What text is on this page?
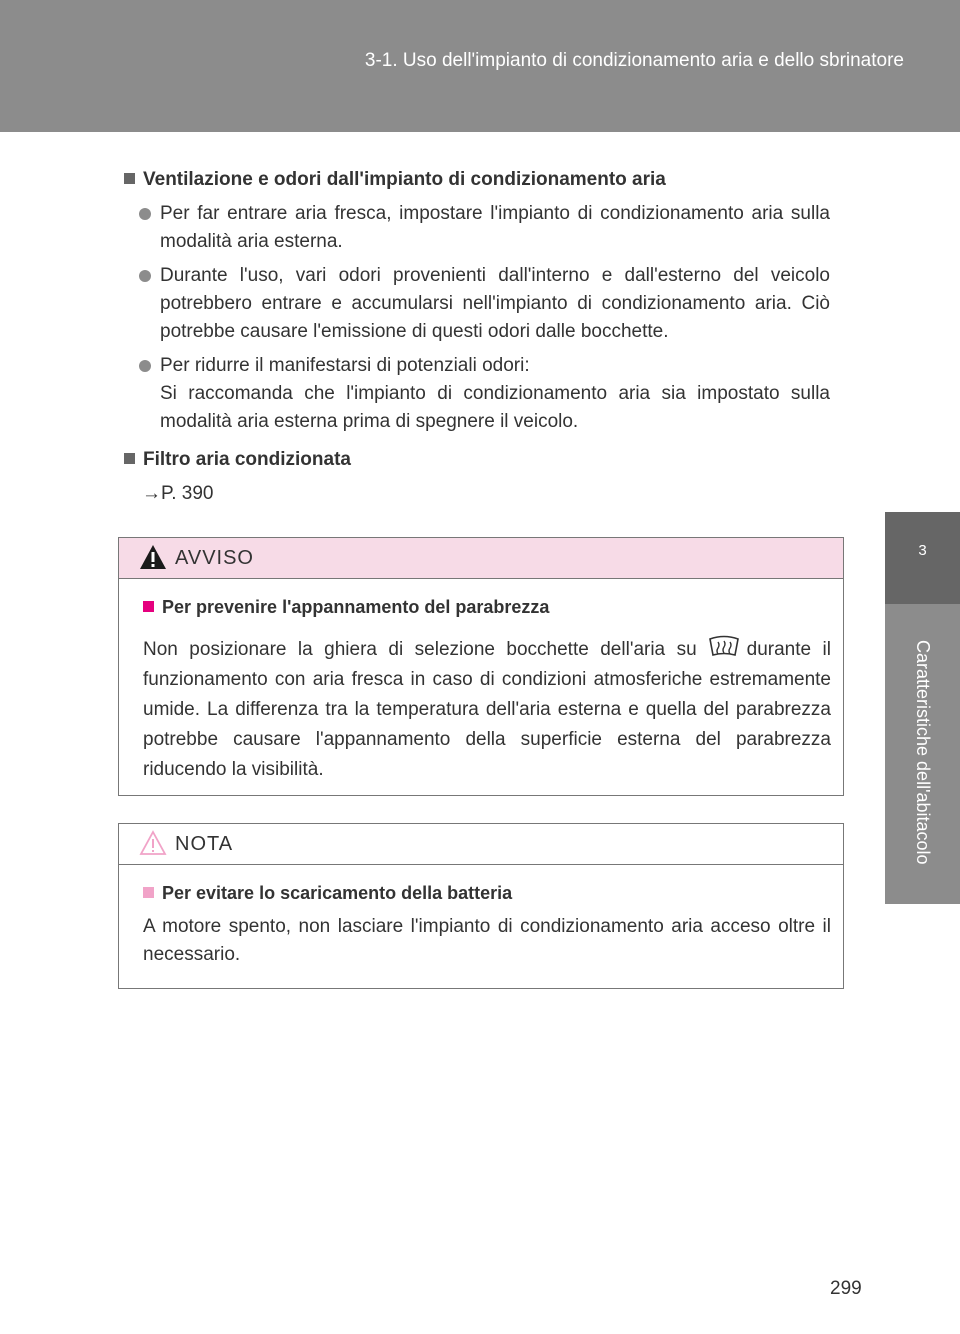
3-1. Uso dell'impianto di condizionamento aria e dello sbrinatore
3
Caratteristiche dell'abitacolo
Ventilazione e odori dall'impianto di condizionamento aria
Per far entrare aria fresca, impostare l'impianto di condizionamento aria sulla modalità aria esterna.
Durante l'uso, vari odori provenienti dall'interno e dall'esterno del veicolo potrebbero entrare e accumularsi nell'impianto di condizionamento aria. Ciò potrebbe causare l'emissione di questi odori dalle bocchette.
Per ridurre il manifestarsi di potenziali odori:
Si raccomanda che l'impianto di condizionamento aria sia impostato sulla modalità aria esterna prima di spegnere il veicolo.
Filtro aria condizionata
→P. 390
AVVISO
Per prevenire l'appannamento del parabrezza
Non posizionare la ghiera di selezione bocchette dell'aria su	durante il funzionamento con aria fresca in caso di condizioni atmosferiche estremamente umide. La differenza tra la temperatura dell'aria esterna e quella del parabrezza potrebbe causare l'appannamento della superficie esterna del parabrezza riducendo la visibilità.
NOTA
Per evitare lo scaricamento della batteria
A motore spento, non lasciare l'impianto di condizionamento aria acceso oltre il necessario.
299
